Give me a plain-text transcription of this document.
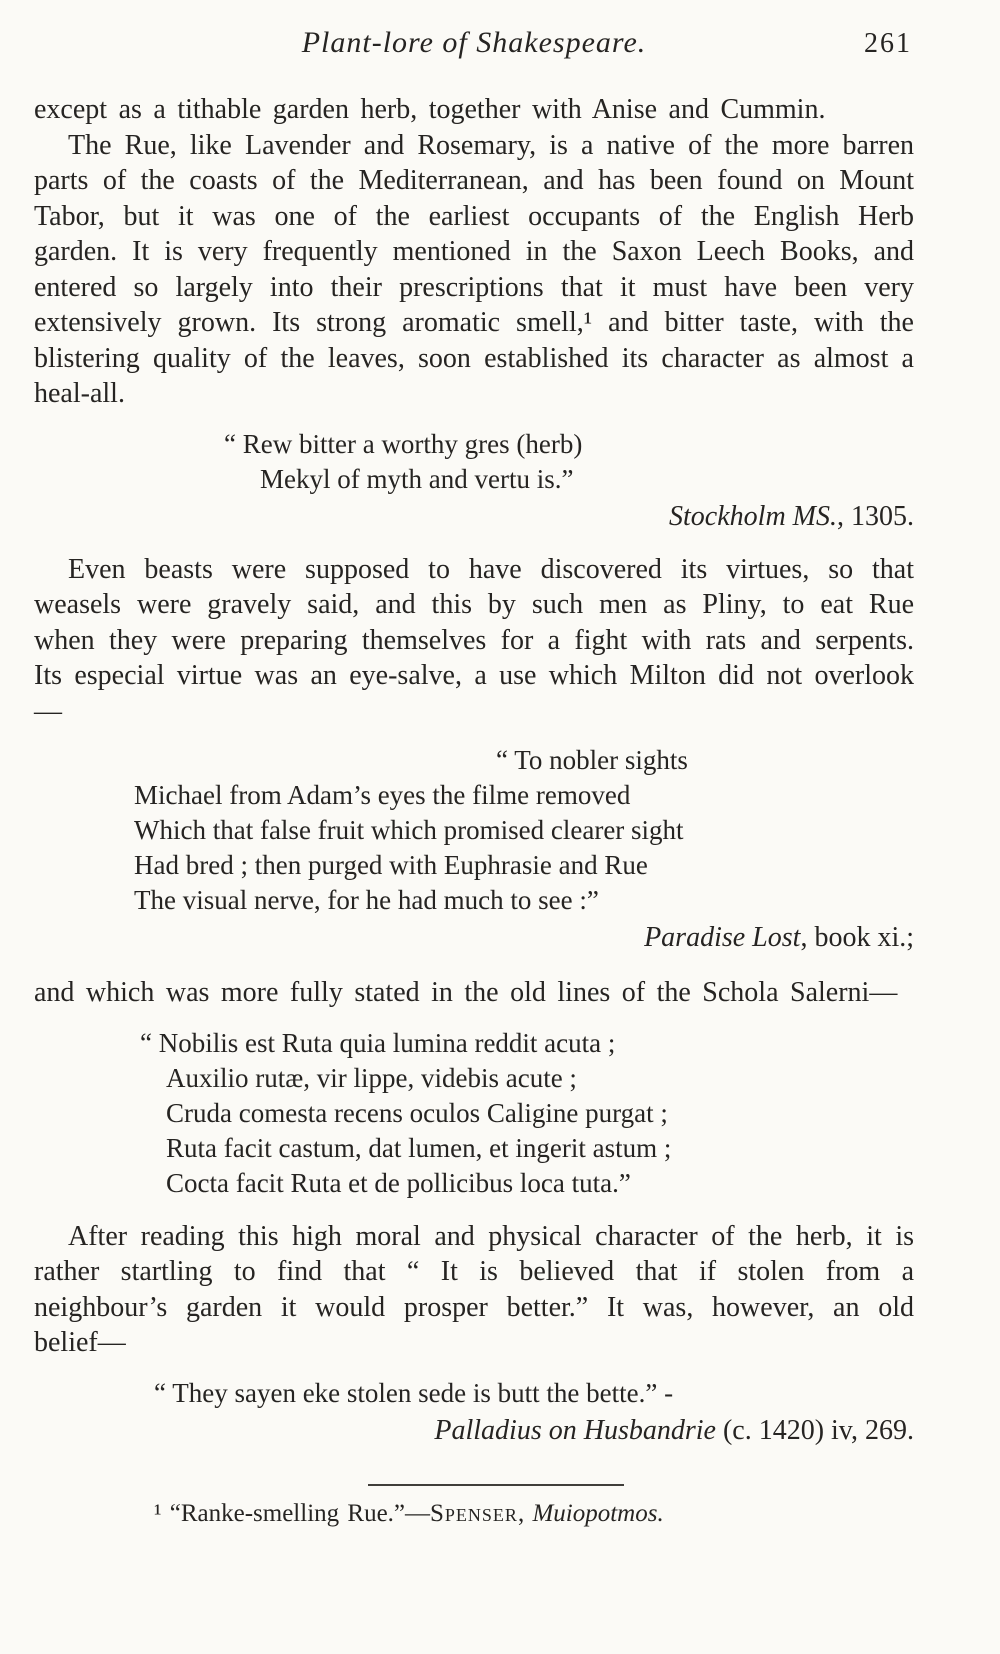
Plant-lore of Shakespeare.	261

except as a tithable garden herb, together with Anise and Cummin.

The Rue, like Lavender and Rosemary, is a native of the more barren parts of the coasts of the Mediterranean, and has been found on Mount Tabor, but it was one of the earliest occupants of the English Herb garden. It is very frequently mentioned in the Saxon Leech Books, and entered so largely into their prescriptions that it must have been very extensively grown. Its strong aromatic smell,¹ and bitter taste, with the blistering quality of the leaves, soon established its character as almost a heal-all.

“ Rew bitter a worthy gres (herb)
Mekyl of myth and vertu is.”
Stockholm MS., 1305.

Even beasts were supposed to have discovered its virtues, so that weasels were gravely said, and this by such men as Pliny, to eat Rue when they were preparing themselves for a fight with rats and serpents. Its especial virtue was an eye-salve, a use which Milton did not overlook—

“ To nobler sights
Michael from Adam’s eyes the filme removed
Which that false fruit which promised clearer sight
Had bred ; then purged with Euphrasie and Rue
The visual nerve, for he had much to see :”
Paradise Lost, book xi.;

and which was more fully stated in the old lines of the Schola Salerni—

“ Nobilis est Ruta quia lumina reddit acuta ;
Auxilio rutæ, vir lippe, videbis acute ;
Cruda comesta recens oculos Caligine purgat ;
Ruta facit castum, dat lumen, et ingerit astum ;
Cocta facit Ruta et de pollicibus loca tuta.”

After reading this high moral and physical character of the herb, it is rather startling to find that “ It is believed that if stolen from a neighbour’s garden it would prosper better.” It was, however, an old belief—

“ They sayen eke stolen sede is butt the bette.” -
Palladius on Husbandrie (c. 1420) iv, 269.

¹ “Ranke-smelling Rue.”—Spenser, Muiopotmos.
